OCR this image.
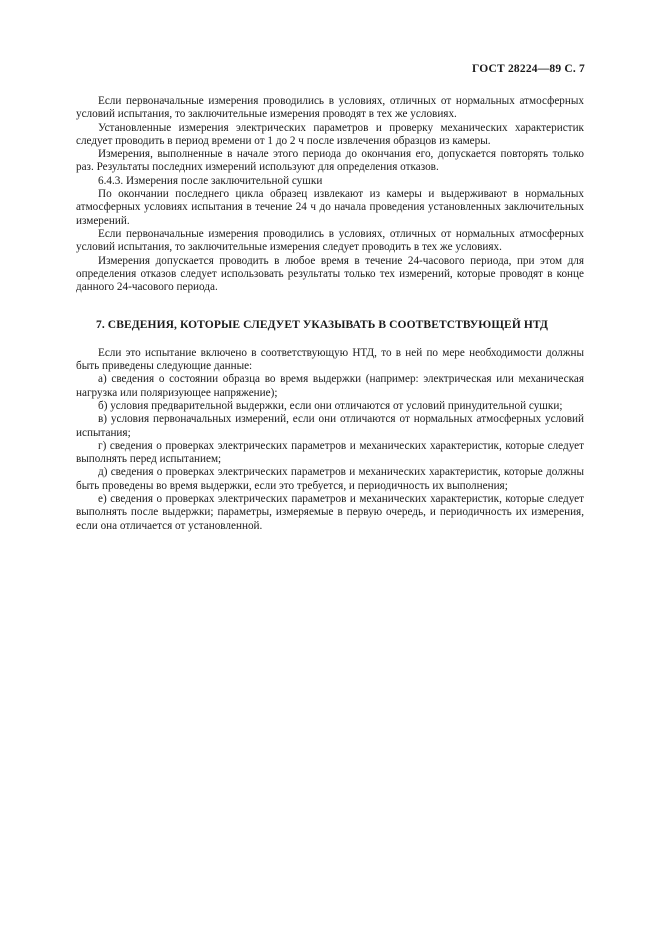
ГОСТ 28224—89 С. 7

Если первоначальные измерения проводились в условиях, отличных от нормальных атмосферных условий испытания, то заключительные измерения проводят в тех же условиях.

Установленные измерения электрических параметров и проверку механических характеристик следует проводить в период времени от 1 до 2 ч после извлечения образцов из камеры.

Измерения, выполненные в начале этого периода до окончания его, допускается повторять только раз. Результаты последних измерений используют для определения отказов.

6.4.3. Измерения после заключительной сушки

По окончании последнего цикла образец извлекают из камеры и выдерживают в нормальных атмосферных условиях испытания в течение 24 ч до начала проведения установленных заключительных измерений.

Если первоначальные измерения проводились в условиях, отличных от нормальных атмосферных условий испытания, то заключительные измерения следует проводить в тех же условиях.

Измерения допускается проводить в любое время в течение 24-часового периода, при этом для определения отказов следует использовать результаты только тех измерений, которые проводят в конце данного 24-часового периода.

7. СВЕДЕНИЯ, КОТОРЫЕ СЛЕДУЕТ УКАЗЫВАТЬ В СООТВЕТСТВУЮЩЕЙ НТД

Если это испытание включено в соответствующую НТД, то в ней по мере необходимости должны быть приведены следующие данные:

а) сведения о состоянии образца во время выдержки (например: электрическая или механическая нагрузка или поляризующее напряжение);

б) условия предварительной выдержки, если они отличаются от условий принудительной сушки;

в) условия первоначальных измерений, если они отличаются от нормальных атмосферных условий испытания;

г) сведения о проверках электрических параметров и механических характеристик, которые следует выполнять перед испытанием;

д) сведения о проверках электрических параметров и механических характеристик, которые должны быть проведены во время выдержки, если это требуется, и периодичность их выполнения;

е) сведения о проверках электрических параметров и механических характеристик, которые следует выполнять после выдержки; параметры, измеряемые в первую очередь, и периодичность их измерения, если она отличается от установленной.
